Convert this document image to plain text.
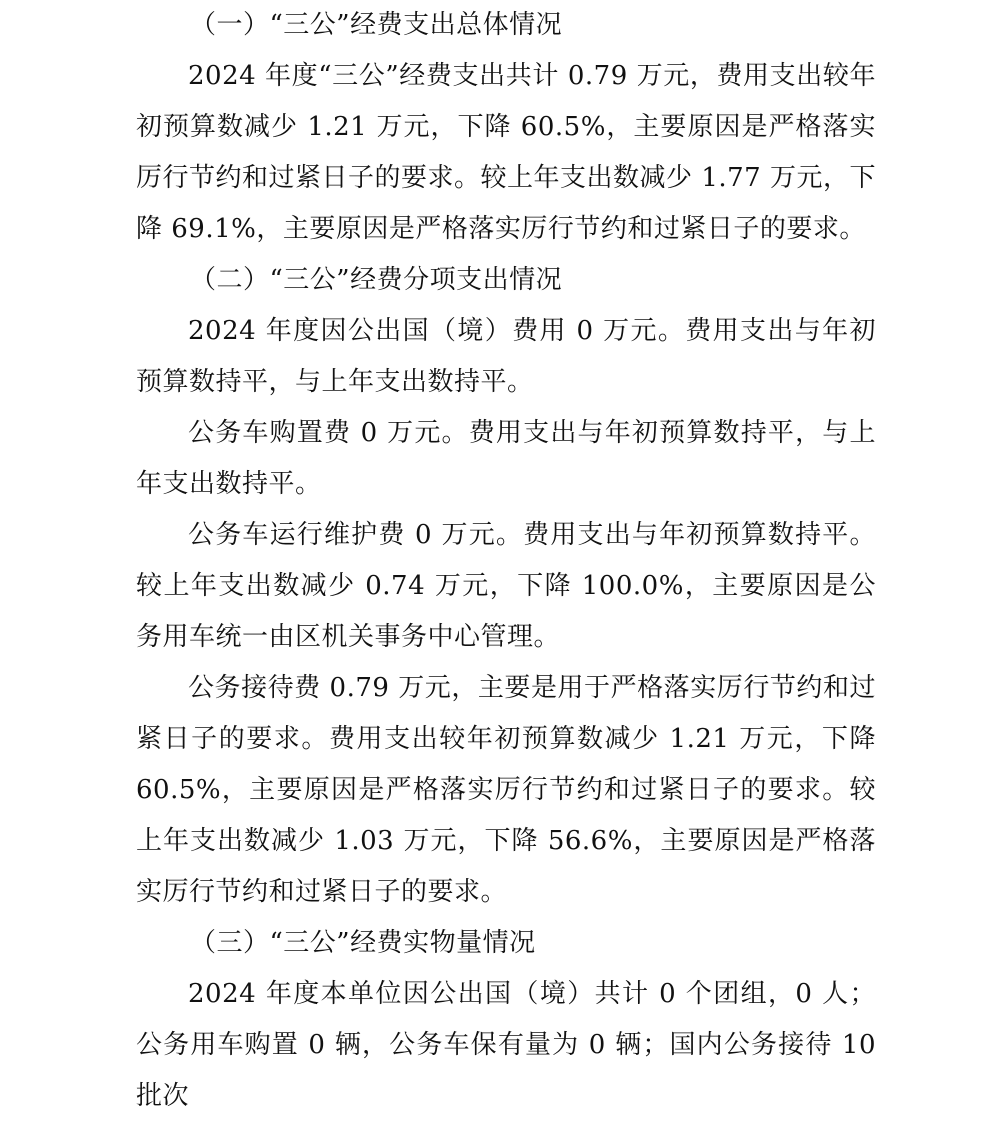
（一）“三公”经费支出总体情况

2024 年度“三公”经费支出共计 0.79 万元，费用支出较年初预算数减少 1.21 万元，下降 60.5%，主要原因是严格落实厉行节约和过紧日子的要求。较上年支出数减少 1.77 万元，下降 69.1%，主要原因是严格落实厉行节约和过紧日子的要求。

（二）“三公”经费分项支出情况

2024 年度因公出国（境）费用 0 万元。费用支出与年初预算数持平，与上年支出数持平。

公务车购置费 0 万元。费用支出与年初预算数持平，与上年支出数持平。

公务车运行维护费 0 万元。费用支出与年初预算数持平。较上年支出数减少 0.74 万元，下降 100.0%，主要原因是公务用车统一由区机关事务中心管理。

公务接待费 0.79 万元，主要是用于严格落实厉行节约和过紧日子的要求。费用支出较年初预算数减少 1.21 万元，下降 60.5%，主要原因是严格落实厉行节约和过紧日子的要求。较上年支出数减少 1.03 万元，下降 56.6%，主要原因是严格落实厉行节约和过紧日子的要求。

（三）“三公”经费实物量情况

2024 年度本单位因公出国（境）共计 0 个团组，0 人；公务用车购置 0 辆，公务车保有量为 0 辆；国内公务接待 10 批次
